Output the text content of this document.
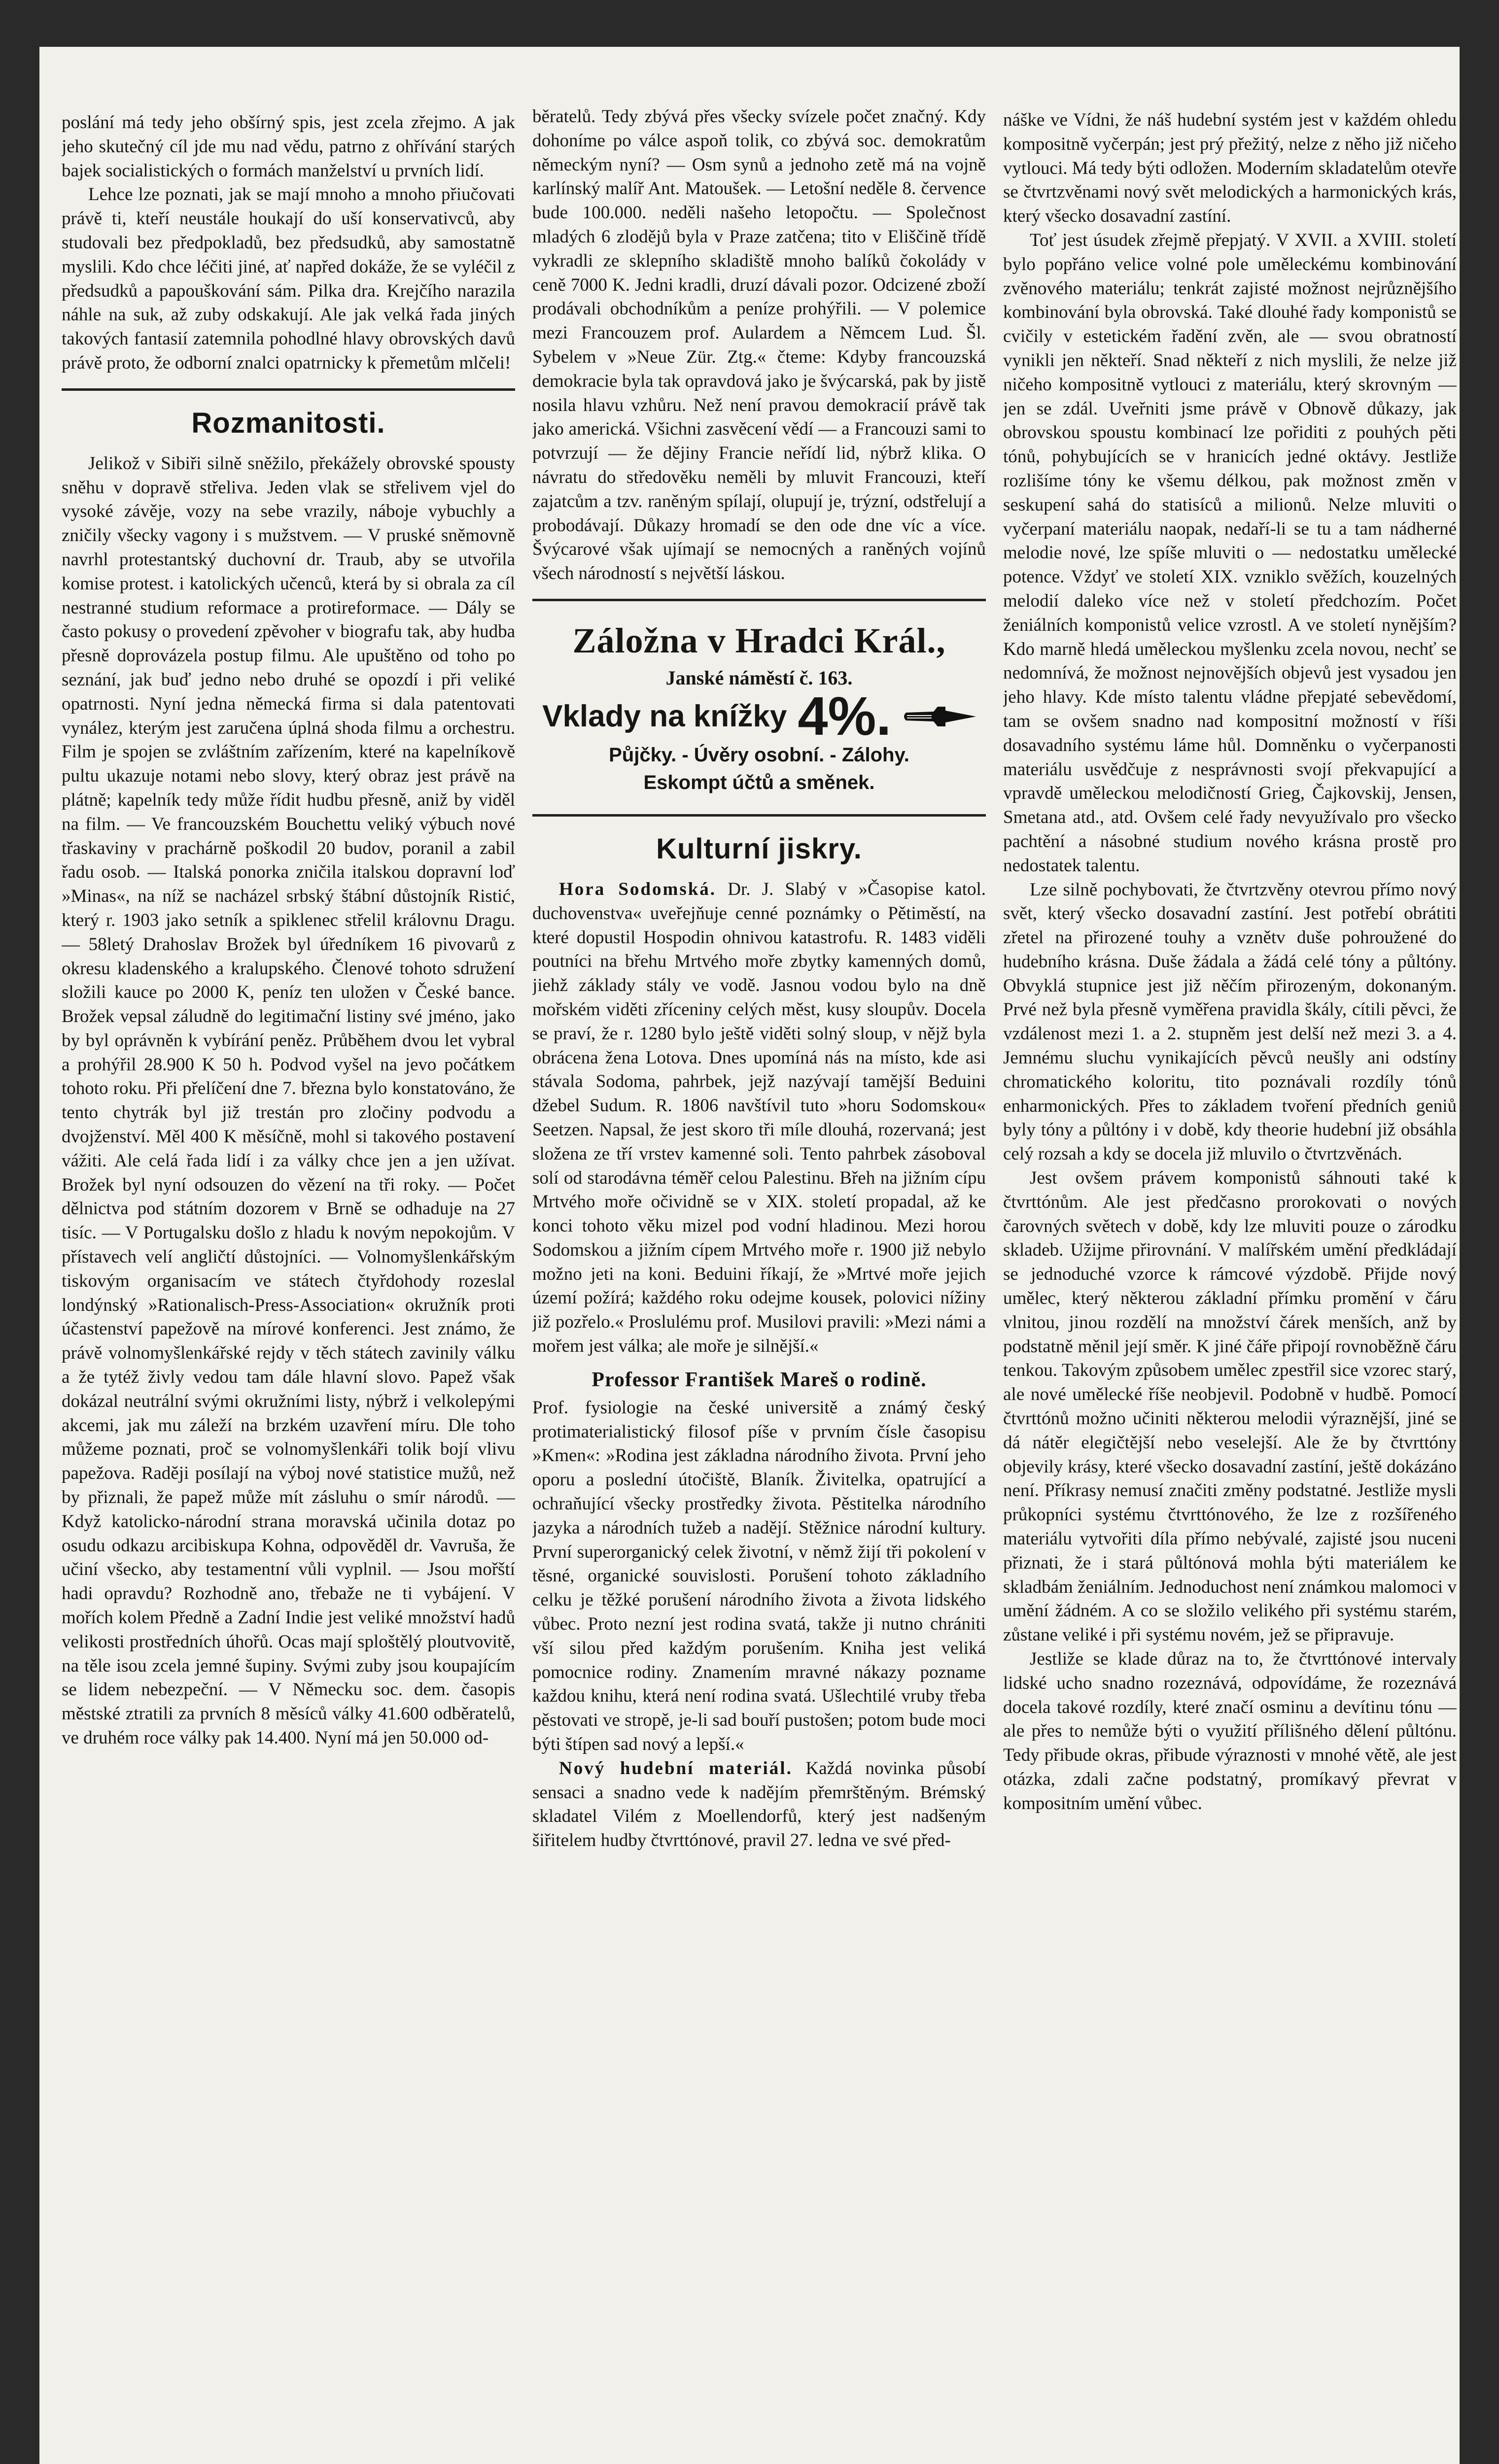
poslání má tedy jeho obšírný spis, jest zcela zřejmo. A jak jeho skutečný cíl jde mu nad vědu, patrno z ohřívání starých bajek socialistických o formách manželství u prvních lidí.

Lehce lze poznati, jak se mají mnoho a mnoho přiučovati právě ti, kteří neustále houkají do uší konservativců, aby studovali bez předpokladů, bez předsudků, aby samostatně myslili. Kdo chce léčiti jiné, ať napřed dokáže, že se vyléčil z předsudků a papouškování sám. Pilka dra. Krejčího narazila náhle na suk, až zuby odskakují. Ale jak velká řada jiných takových fantasií zatemnila pohodlné hlavy obrovských davů právě proto, že odborní znalci opatrnicky k přemetům mlčeli!

Rozmanitosti.

Jelikož v Sibiři silně sněžilo, překážely obrovské spousty sněhu v dopravě střeliva. Jeden vlak se střelivem vjel do vysoké závěje, vozy na sebe vrazily, náboje vybuchly a zničily všecky vagony i s mužstvem. — V pruské sněmovně navrhl protestantský duchovní dr. Traub, aby se utvořila komise protest. i katolických učenců, která by si obrala za cíl nestranné studium reformace a protireformace. — Dály se často pokusy o provedení zpěvoher v biografu tak, aby hudba přesně doprovázela postup filmu. Ale upuštěno od toho po seznání, jak buď jedno nebo druhé se opozdí i při veliké opatrnosti. Nyní jedna německá firma si dala patentovati vynález, kterým jest zaručena úplná shoda filmu a orchestru. Film je spojen se zvláštním zařízením, které na kapelníkově pultu ukazuje notami nebo slovy, který obraz jest právě na plátně; kapelník tedy může řídit hudbu přesně, aniž by viděl na film. — Ve francouzském Bouchettu veliký výbuch nové třaskaviny v prachárně poškodil 20 budov, poranil a zabil řadu osob. — Italská ponorka zničila italskou dopravní loď »Minas«, na níž se nacházel srbský štábní důstojník Ristić, který r. 1903 jako setník a spiklenec střelil královnu Dragu. — 58letý Drahoslav Brožek byl úředníkem 16 pivovarů z okresu kladenského a kralupského. Členové tohoto sdružení složili kauce po 2000 K, peníz ten uložen v České bance. Brožek vepsal záludně do legitimační listiny své jméno, jako by byl oprávněn k vybírání peněz. Průběhem dvou let vybral a prohýřil 28.900 K 50 h. Podvod vyšel na jevo počátkem tohoto roku. Při přelíčení dne 7. března bylo konstatováno, že tento chytrák byl již trestán pro zločiny podvodu a dvojženství. Měl 400 K měsíčně, mohl si takového postavení vážiti. Ale celá řada lidí i za války chce jen a jen užívat. Brožek byl nyní odsouzen do vězení na tři roky. — Počet dělnictva pod státním dozorem v Brně se odhaduje na 27 tisíc. — V Portugalsku došlo z hladu k novým nepokojům. V přístavech velí angličtí důstojníci. — Volnomyšlenkářským tiskovým organisacím ve státech čtyřdohody rozeslal londýnský »Rationalisch-Press-Association« okružník proti účastenství papežově na mírové konferenci. Jest známo, že právě volnomyšlenkářské rejdy v těch státech zavinily válku a že tytéž živly vedou tam dále hlavní slovo. Papež však dokázal neutrální svými okružními listy, nýbrž i velkolepými akcemi, jak mu záleží na brzkém uzavření míru. Dle toho můžeme poznati, proč se volnomyšlenkáři tolik bojí vlivu papežova. Raději posílají na výboj nové statistice mužů, než by přiznali, že papež může mít zásluhu o smír národů. — Když katolicko-národní strana moravská učinila dotaz po osudu odkazu arcibiskupa Kohna, odpověděl dr. Vavruša, že učiní všecko, aby testamentní vůli vyplnil. — Jsou mořští hadi opravdu? Rozhodně ano, třebaže ne ti vybájení. V mořích kolem Předně a Zadní Indie jest veliké množství hadů velikosti prostředních úhořů. Ocas mají sploštělý ploutvovitě, na těle isou zcela jemné šupiny. Svými zuby jsou koupajícím se lidem nebezpeční. — V Německu soc. dem. časopis městské ztratili za prvních 8 měsíců války 41.600 odběratelů, ve druhém roce války pak 14.400. Nyní má jen 50.000 od-

běratelů. Tedy zbývá přes všecky svízele počet značný. Kdy dohoníme po válce aspoň tolik, co zbývá soc. demokratům německým nyní? — Osm synů a jednoho zetě má na vojně karlínský malíř Ant. Matoušek. — Letošní neděle 8. července bude 100.000. neděli našeho letopočtu. — Společnost mladých 6 zlodějů byla v Praze zatčena; tito v Eliščině třídě vykradli ze sklepního skladiště mnoho balíků čokolády v ceně 7000 K. Jedni kradli, druzí dávali pozor. Odcizené zboží prodávali obchodníkům a peníze prohýřili. — V polemice mezi Francouzem prof. Aulardem a Němcem Lud. Šl. Sybelem v »Neue Zür. Ztg.« čteme: Kdyby francouzská demokracie byla tak opravdová jako je švýcarská, pak by jistě nosila hlavu vzhůru. Než není pravou demokracií právě tak jako americká. Všichni zasvěcení vědí — a Francouzi sami to potvrzují — že dějiny Francie neřídí lid, nýbrž klika. O návratu do středověku neměli by mluvit Francouzi, kteří zajatcům a tzv. raněným spílají, olupují je, trýzní, odstřelují a probodávají. Důkazy hromadí se den ode dne víc a více. Švýcarové však ujímají se nemocných a raněných vojínů všech národností s největší láskou.

Záložna v Hradci Král.,
Janské náměstí č. 163.
Vklady na knížky 4%.
Půjčky. - Úvěry osobní. - Zálohy.
Eskompt účtů a směnek.
Kulturní jiskry.

Hora Sodomská. Dr. J. Slabý v »Časopise katol. duchovenstva« uveřejňuje cenné poznámky o Pětiměstí, na které dopustil Hospodin ohnivou katastrofu. R. 1483 viděli poutníci na břehu Mrtvého moře zbytky kamenných domů, jiehž základy stály ve vodě. Jasnou vodou bylo na dně mořském viděti zříceniny celých měst, kusy sloupův. Docela se praví, že r. 1280 bylo ještě viděti solný sloup, v nějž byla obrácena žena Lotova. Dnes upomíná nás na místo, kde asi stávala Sodoma, pahrbek, jejž nazývají tamější Beduini džebel Sudum. R. 1806 navštívil tuto »horu Sodomskou« Seetzen. Napsal, že jest skoro tři míle dlouhá, rozervaná; jest složena ze tří vrstev kamenné soli. Tento pahrbek zásoboval solí od starodávna téměř celou Palestinu. Břeh na jižním cípu Mrtvého moře očividně se v XIX. století propadal, až ke konci tohoto věku mizel pod vodní hladinou. Mezi horou Sodomskou a jižním cípem Mrtvého moře r. 1900 již nebylo možno jeti na koni. Beduini říkají, že »Mrtvé moře jejich území požírá; každého roku odejme kousek, polovici nížiny již pozřelo.« Proslulému prof. Musilovi pravili: »Mezi námi a mořem jest válka; ale moře je silnější.«

Professor František Mareš o rodině.

Prof. fysiologie na české universitě a známý český protimaterialistický filosof píše v prvním čísle časopisu »Kmen«: »Rodina jest základna národního života. První jeho oporu a poslední útočiště, Blaník. Živitelka, opatrující a ochraňující všecky prostředky života. Pěstitelka národního jazyka a národních tužeb a nadějí. Stěžnice národní kultury. První superorganický celek životní, v němž žijí tři pokolení v těsné, organické souvislosti. Porušení tohoto základního celku je těžké porušení národního života a života lidského vůbec. Proto nezní jest rodina svatá, takže ji nutno chrániti vší silou před každým porušením. Kniha jest veliká pomocnice rodiny. Znamením mravné nákazy pozname každou knihu, která není rodina svatá. Ušlechtilé vruby třeba pěstovati ve stropě, je-li sad bouří pustošen; potom bude moci býti štípen sad nový a lepší.«

Nový hudební materiál. Každá novinka působí sensaci a snadno vede k nadějím přemrštěným. Brémský skladatel Vilém z Moellendorfů, který jest nadšeným šiřitelem hudby čtvrttónové, pravil 27. ledna ve své před-

náške ve Vídni, že náš hudební systém jest v každém ohledu kompositně vyčerpán; jest prý přežitý, nelze z něho již ničeho vytlouci. Má tedy býti odložen. Moderním skladatelům otevře se čtvrtzvěnami nový svět melodických a harmonických krás, který všecko dosavadní zastíní.

Toť jest úsudek zřejmě přepjatý. V XVII. a XVIII. století bylo popřáno velice volné pole uměleckému kombinování zvěnového materiálu; tenkrát zajisté možnost nejrůznějšího kombinování byla obrovská. Také dlouhé řady komponistů se cvičily v estetickém řadění zvěn, ale — svou obratností vynikli jen někteří. Snad někteří z nich myslili, že nelze již ničeho kompositně vytlouci z materiálu, který skrovným — jen se zdál. Uveřniti jsme právě v Obnově důkazy, jak obrovskou spoustu kombinací lze pořiditi z pouhých pěti tónů, pohybujících se v hranicích jedné oktávy. Jestliže rozlišíme tóny ke všemu délkou, pak možnost změn v seskupení sahá do statisíců a milionů. Nelze mluviti o vyčerpaní materiálu naopak, nedaří-li se tu a tam nádherné melodie nové, lze spíše mluviti o — nedostatku umělecké potence. Vždyť ve století XIX. vzniklo svěžích, kouzelných melodií daleko více než v století předchozím. Počet ženiálních komponistů velice vzrostl. A ve století nynějším? Kdo marně hledá uměleckou myšlenku zcela novou, nechť se nedomnívá, že možnost nejnovějších objevů jest vysadou jen jeho hlavy. Kde místo talentu vládne přepjaté sebevědomí, tam se ovšem snadno nad kompositní možností v říši dosavadního systému láme hůl. Domněnku o vyčerpanosti materiálu usvědčuje z nesprávnosti svojí překvapující a vpravdě uměleckou melodičností Grieg, Čajkovskij, Jensen, Smetana atd., atd. Ovšem celé řady nevyužívalo pro všecko pachtění a násobné studium nového krásna prostě pro nedostatek talentu.

Lze silně pochybovati, že čtvrtzvěny otevrou přímo nový svět, který všecko dosavadní zastíní. Jest potřebí obrátiti zřetel na přirozené touhy a vznětv duše pohroužené do hudebního krásna. Duše žádala a žádá celé tóny a půltóny. Obvyklá stupnice jest již něčím přirozeným, dokonaným. Prvé než byla přesně vyměřena pravidla škály, cítili pěvci, že vzdálenost mezi 1. a 2. stupněm jest delší než mezi 3. a 4. Jemnému sluchu vynikajících pěvců neušly ani odstíny chromatického koloritu, tito poznávali rozdíly tónů enharmonických. Přes to základem tvoření předních geniů byly tóny a půltóny i v době, kdy theorie hudební již obsáhla celý rozsah a kdy se docela již mluvilo o čtvrtzvěnách.

Jest ovšem právem komponistů sáhnouti také k čtvrttónům. Ale jest předčasno prorokovati o nových čarovných světech v době, kdy lze mluviti pouze o zárodku skladeb. Užijme přirovnání. V malířském umění předkládají se jednoduché vzorce k rámcové výzdobě. Přijde nový umělec, který některou základní přímku promění v čáru vlnitou, jinou rozdělí na množství čárek menších, anž by podstatně měnil její směr. K jiné čáře připojí rovnoběžně čáru tenkou. Takovým způsobem umělec zpestřil sice vzorec starý, ale nové umělecké říše neobjevil. Podobně v hudbě. Pomocí čtvrttónů možno učiniti některou melodii výraznější, jiné se dá nátěr elegičtější nebo veselejší. Ale že by čtvrttóny objevily krásy, které všecko dosavadní zastíní, ještě dokázáno není. Příkrasy nemusí značiti změny podstatné. Jestliže mysli průkopníci systému čtvrttónového, že lze z rozšířeného materiálu vytvořiti díla přímo nebývalé, zajisté jsou nuceni přiznati, že i stará půltónová mohla býti materiálem ke skladbám ženiálním. Jednoduchost není známkou malomoci v umění žádném. A co se složilo velikého při systému starém, zůstane veliké i při systému novém, jež se připravuje.

Jestliže se klade důraz na to, že čtvrttónové intervaly lidské ucho snadno rozeznává, odpovídáme, že rozeznává docela takové rozdíly, které značí osminu a devítinu tónu — ale přes to nemůže býti o využití přílišného dělení půltónu. Tedy přibude okras, přibude výraznosti v mnohé větě, ale jest otázka, zdali začne podstatný, promíkavý převrat v kompositním umění vůbec.
